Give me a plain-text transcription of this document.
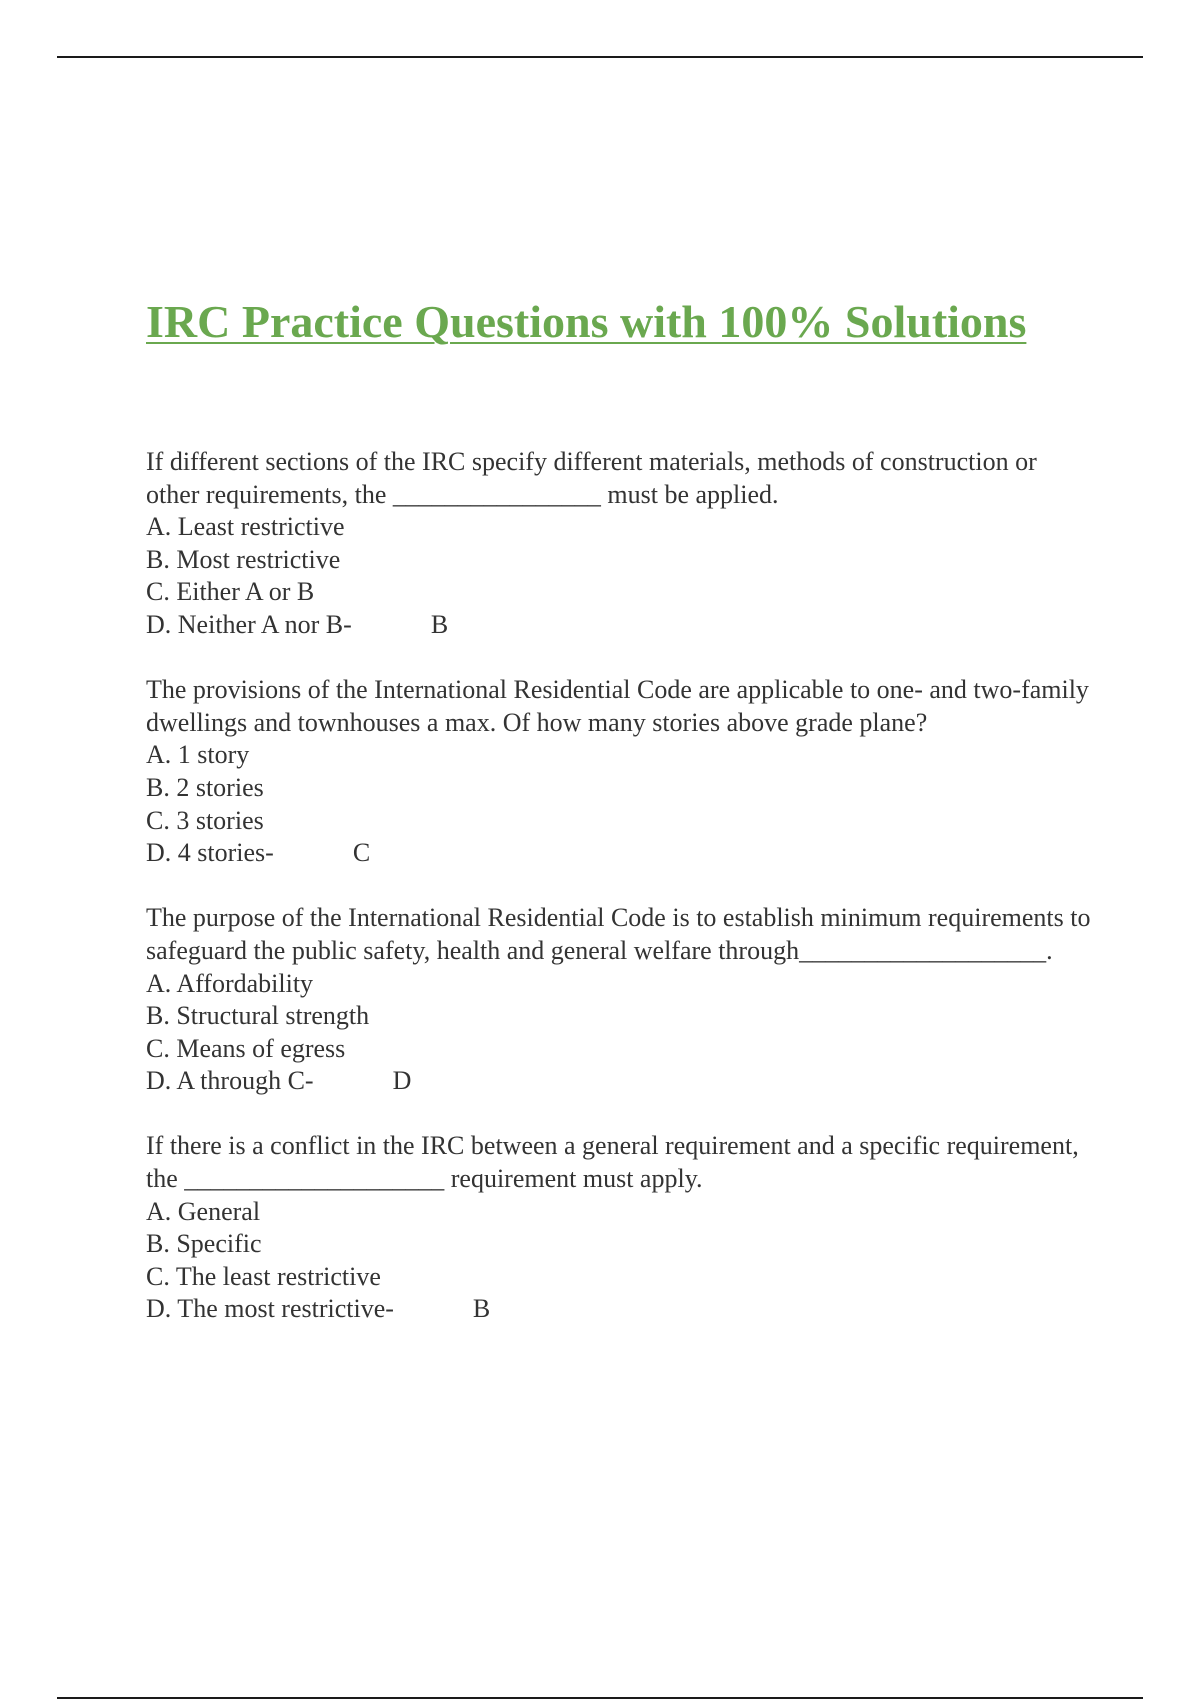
IRC Practice Questions with 100% Solutions

If different sections of the IRC specify different materials, methods of construction or other requirements, the ________________ must be applied.

A. Least restrictive

B. Most restrictive

C. Either A or B

D. Neither A nor B-	B

The provisions of the International Residential Code are applicable to one- and two-family dwellings and townhouses a max. Of how many stories above grade plane?

A. 1 story

B. 2 stories

C. 3 stories

D. 4 stories-	C

The purpose of the International Residential Code is to establish minimum requirements to safeguard the public safety, health and general welfare through___________________.

A. Affordability

B. Structural strength

C. Means of egress

D. A through C-	D

If there is a conflict in the IRC between a general requirement and a specific requirement, the ____________________ requirement must apply.

A. General

B. Specific

C. The least restrictive

D. The most restrictive-	B
